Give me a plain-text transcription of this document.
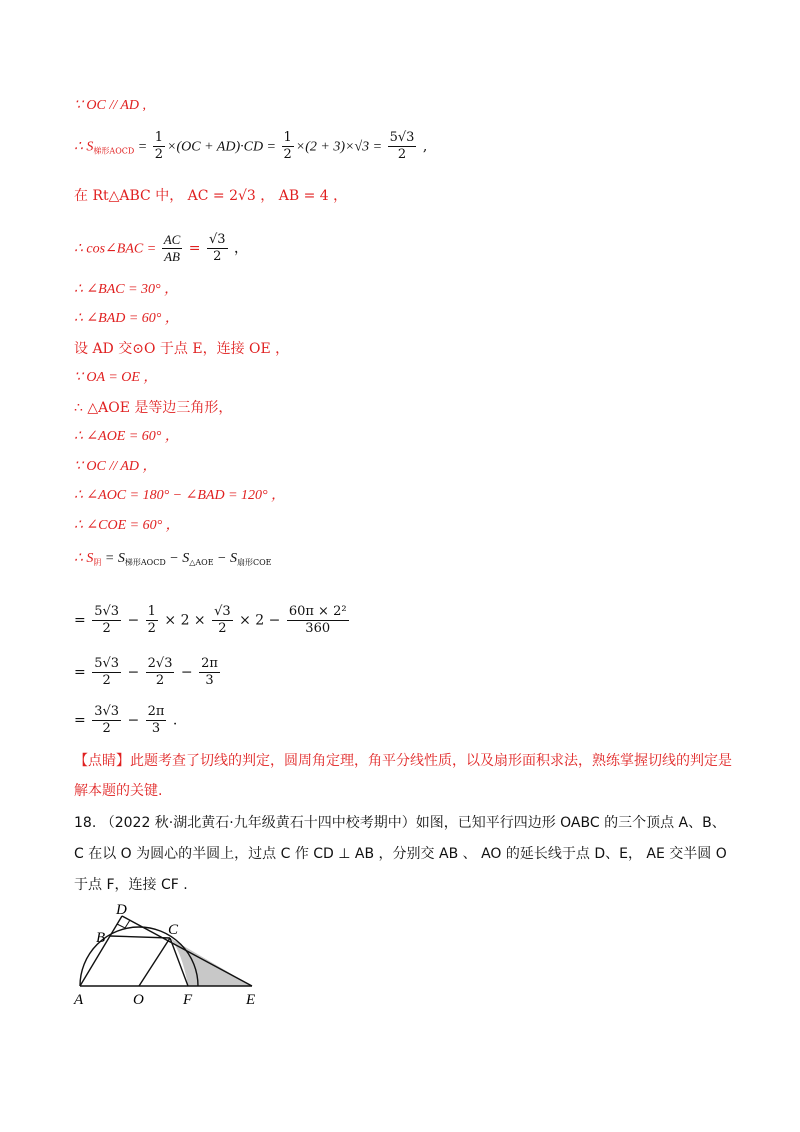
∵ OC // AD ,
∴ $S_{梯形AOCD} = \frac{1}{2} \times(OC + AD)\cdot CD = \frac{1}{2} \times(2 + 3)\times√3 = \frac{5√3}{2}$ ,
在 Rt△ABC 中， AC = 2√3 ， AB = 4 ，
∴ cos∠BAC = $\frac{AC}{AB} = \frac{√3}{2}$ ，
∴ ∠BAC = 30° ，
∴ ∠BAD = 60° ，
设 AD 交⊙O 于点 E，连接 OE ，
∵ OA = OE ，
∴ △AOE 是等边三角形，
∴ ∠AOE = 60° ，
∵ OC // AD ，
∴ ∠AOC = 180° − ∠BAD = 120° ，
∴ ∠COE = 60° ，
∴ $S_阴 = S_{梯形AOCD} - S_{\triangle AOE} - S_{扇形COE}$
= $\frac{5√3}{2} - \frac{1}{2} \times 2 \times \frac{√3}{2} \times 2 - \frac{\text{60π × 2²}}{360}$
= $\frac{5√3}{2} - \frac{2√3}{2} - \frac{2\pi}{3}$
= $\frac{3√3}{2} - \frac{2\pi}{3}$ .
【点睛】此题考查了切线的判定，圆周角定理，角平分线性质，以及扇形面积求法，熟练掌握切线的判定是解本题的关键.
18. （2022 秋·湖北黄石·九年级黄石十四中校考期中）如图，已知平行四边形 OABC 的三个顶点 A、B、C 在以 O 为圆心的半圆上，过点 C 作 CD ⊥ AB ，分别交 AB 、 AO 的延长线于点 D、E， AE 交半圆 O 于点 F，连接 CF .
D
B	C
A	O	F	E
